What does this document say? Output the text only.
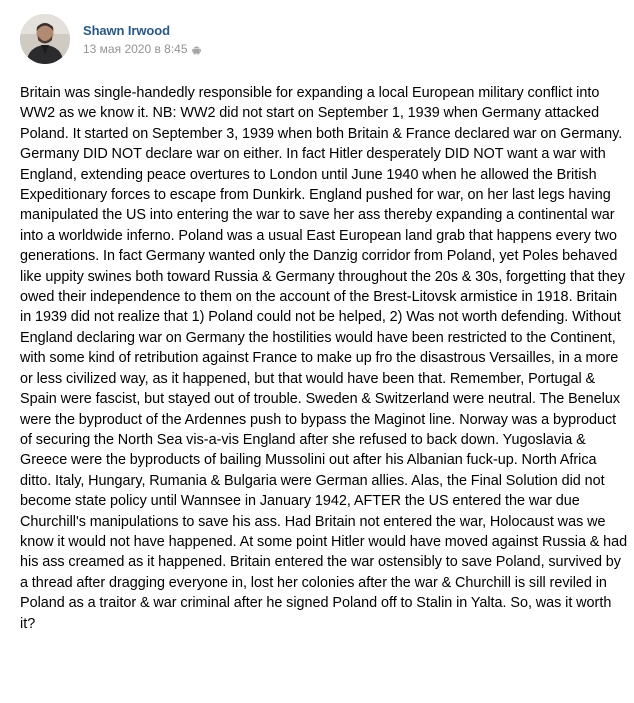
Shawn Irwood
13 мая 2020 в 8:45
Britain was single-handedly responsible for expanding a local European military conflict into WW2 as we know it. NB: WW2 did not start on September 1, 1939 when Germany attacked Poland. It started on September 3, 1939 when both Britain & France declared war on Germany. Germany DID NOT declare war on either. In fact Hitler desperately DID NOT want a war with England, extending peace overtures to London until June 1940 when he allowed the British Expeditionary forces to escape from Dunkirk. England pushed for war, on her last legs having manipulated the US into entering the war to save her ass thereby expanding a continental war into a worldwide inferno. Poland was a usual East European land grab that happens every two generations. In fact Germany wanted only the Danzig corridor from Poland, yet Poles behaved like uppity swines both toward Russia & Germany throughout the 20s & 30s, forgetting that they owed their independence to them on the account of the Brest-Litovsk armistice in 1918. Britain in 1939 did not realize that 1) Poland could not be helped, 2) Was not worth defending. Without England declaring war on Germany the hostilities would have been restricted to the Continent, with some kind of retribution against France to make up fro the disastrous Versailles, in a more or less civilized way, as it happened, but that would have been that. Remember, Portugal & Spain were fascist, but stayed out of trouble. Sweden & Switzerland were neutral. The Benelux were the byproduct of the Ardennes push to bypass the Maginot line. Norway was a byproduct of securing the North Sea vis-a-vis England after she refused to back down. Yugoslavia & Greece were the byproducts of bailing Mussolini out after his Albanian fuck-up. North Africa ditto. Italy, Hungary, Rumania & Bulgaria were German allies. Alas, the Final Solution did not become state policy until Wannsee in January 1942, AFTER the US entered the war due Churchill's manipulations to save his ass. Had Britain not entered the war, Holocaust was we know it would not have happened. At some point Hitler would have moved against Russia & had his ass creamed as it happened. Britain entered the war ostensibly to save Poland, survived by a thread after dragging everyone in, lost her colonies after the war & Churchill is sill reviled in Poland as a traitor & war criminal after he signed Poland off to Stalin in Yalta. So, was it worth it?
